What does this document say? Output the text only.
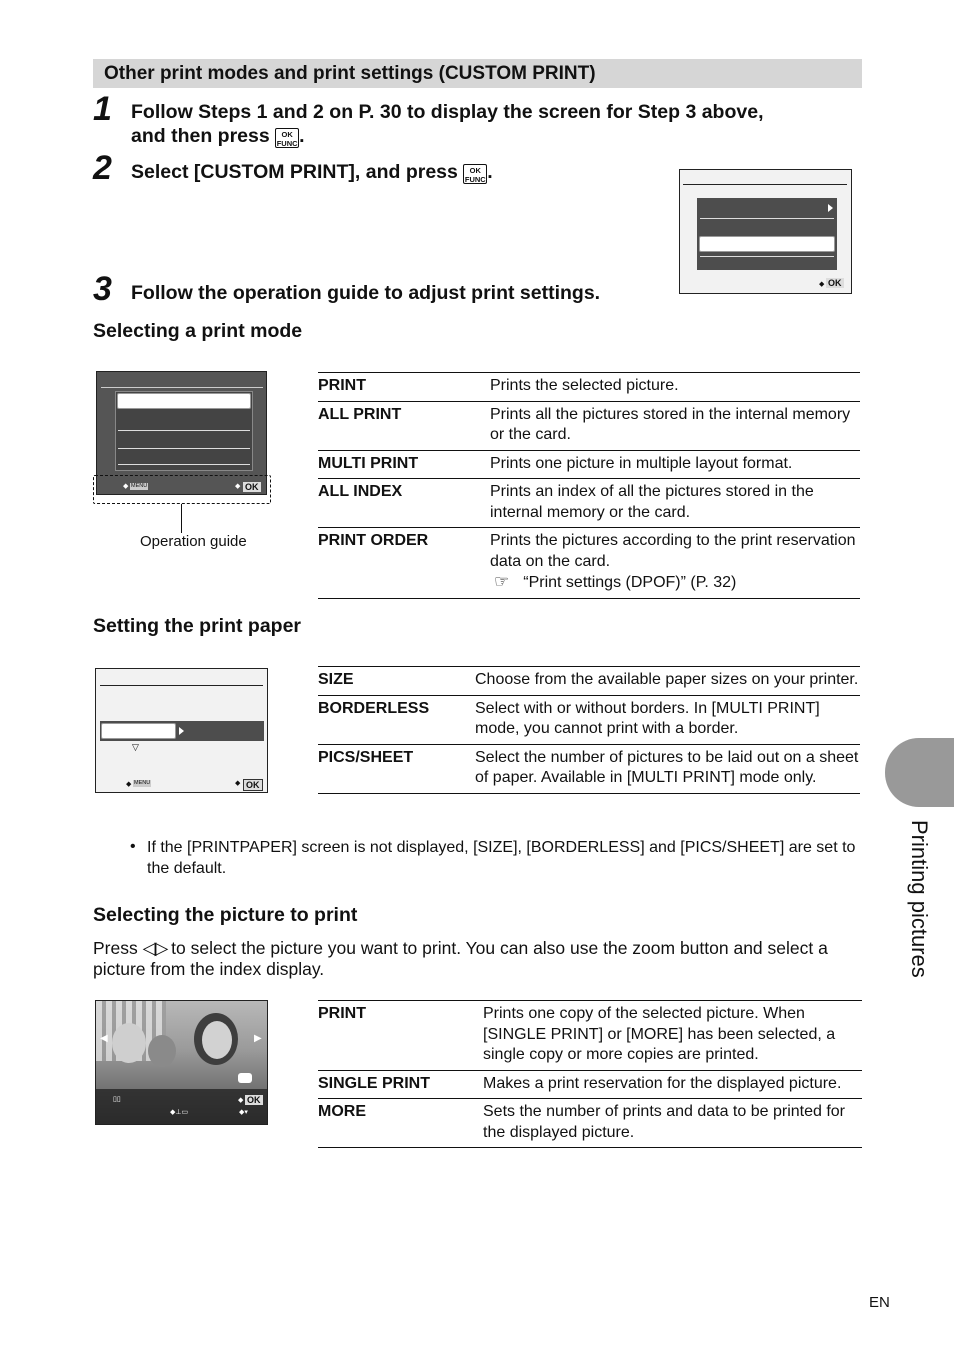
Other print modes and print settings (CUSTOM PRINT)
1 Follow Steps 1 and 2 on P. 30 to display the screen for Step 3 above,
and then press OK
FUNC.
2 Select [CUSTOM PRINT], and press OK
FUNC.
OK
◆
3 Follow the operation guide to adjust print settings.
Selecting a print mode
◆ MENU	◆ OK
Operation guide
PRINT	Prints the selected picture.
ALL PRINT	Prints all the pictures stored in the internal memory or the card.
MULTI PRINT	Prints one picture in multiple layout format.
ALL INDEX	Prints an index of all the pictures stored in the internal memory or the card.
PRINT ORDER	Prints the pictures according to the print reservation data on the card.
☞ “Print settings (DPOF)” (P. 32)
Setting the print paper
▽
◆ MENU	◆ OK
SIZE	Choose from the available paper sizes on your printer.
BORDERLESS	Select with or without borders. In [MULTI PRINT] mode, you cannot print with a border.
PICS/SHEET	Select the number of pictures to be laid out on a sheet of paper. Available in [MULTI PRINT] mode only.
• If the [PRINTPAPER] screen is not displayed, [SIZE], [BORDERLESS] and [PICS/SHEET] are set to the default.
Selecting the picture to print
Press ◁▷ to select the picture you want to print. You can also use the zoom button and select a picture from the index display.
◀	▶
▯▯
◆⊥▭
◆ OK
◆▾
PRINT	Prints one copy of the selected picture. When [SINGLE PRINT] or [MORE] has been selected, a single copy or more copies are printed.
SINGLE PRINT	Makes a print reservation for the displayed picture.
MORE	Sets the number of prints and data to be printed for the displayed picture.
Printing pictures
EN
